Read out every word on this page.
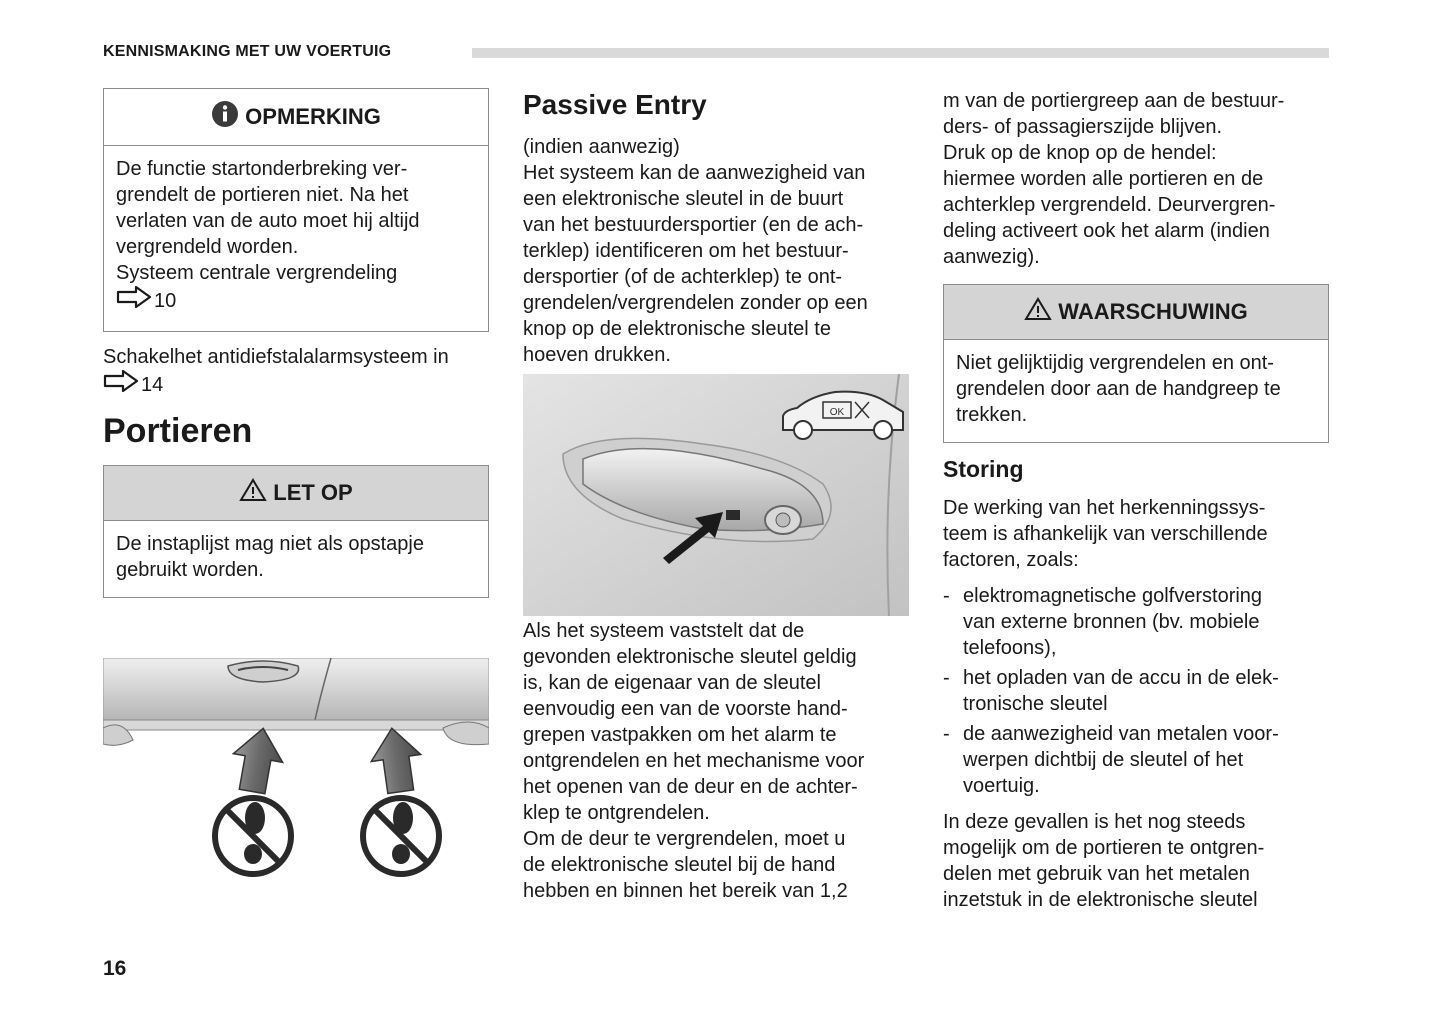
KENNISMAKING MET UW VOERTUIG
OPMERKING
De functie startonderbreking ver-
grendelt de portieren niet. Na het
verlaten van de auto moet hij altijd
vergrendeld worden.
Systeem centrale vergrendeling
10
Schakelhet antidiefstalalarmsysteem in
14
Portieren
LET OP
De instaplijst mag niet als opstapje
gebruikt worden.
Passive Entry
(indien aanwezig)
Het systeem kan de aanwezigheid van
een elektronische sleutel in de buurt
van het bestuurdersportier (en de ach-
terklep) identificeren om het bestuur-
dersportier (of de achterklep) te ont-
grendelen/vergrendelen zonder op een
knop op de elektronische sleutel te
hoeven drukken.
OK
Als het systeem vaststelt dat de
gevonden elektronische sleutel geldig
is, kan de eigenaar van de sleutel
eenvoudig een van de voorste hand-
grepen vastpakken om het alarm te
ontgrendelen en het mechanisme voor
het openen van de deur en de achter-
klep te ontgrendelen.
Om de deur te vergrendelen, moet u
de elektronische sleutel bij de hand
hebben en binnen het bereik van 1,2
m van de portiergreep aan de bestuur-
ders- of passagierszijde blijven.
Druk op de knop op de hendel:
hiermee worden alle portieren en de
achterklep vergrendeld. Deurvergren-
deling activeert ook het alarm (indien
aanwezig).
WAARSCHUWING
Niet gelijktijdig vergrendelen en ont-
grendelen door aan de handgreep te
trekken.
Storing
De werking van het herkenningssys-
teem is afhankelijk van verschillende
factoren, zoals:
- elektromagnetische golfverstoring
van externe bronnen (bv. mobiele
telefoons),
- het opladen van de accu in de elek-
tronische sleutel
- de aanwezigheid van metalen voor-
werpen dichtbij de sleutel of het
voertuig.
In deze gevallen is het nog steeds
mogelijk om de portieren te ontgren-
delen met gebruik van het metalen
inzetstuk in de elektronische sleutel
16
